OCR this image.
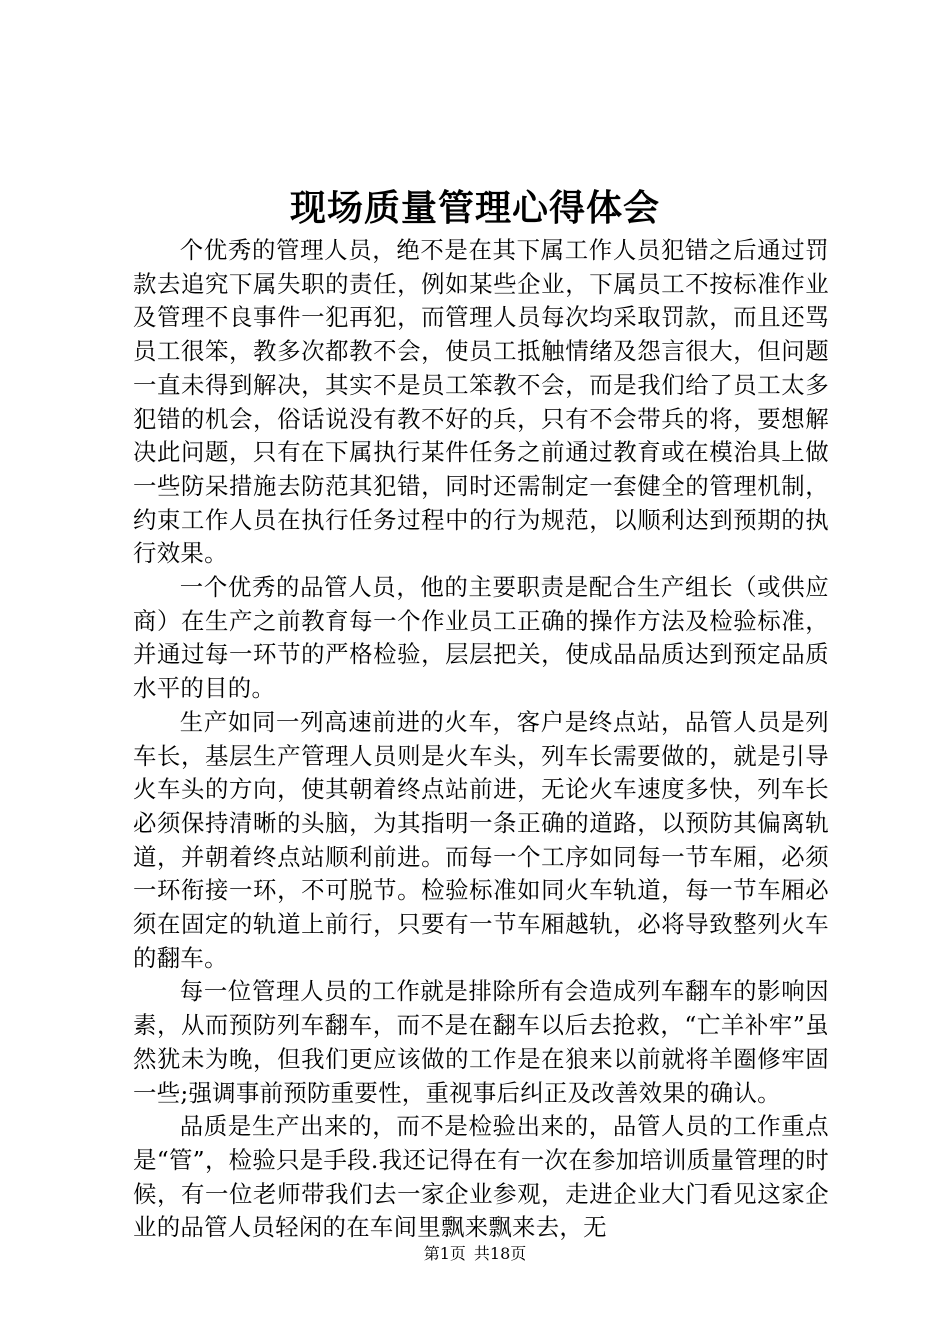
现场质量管理心得体会

个优秀的管理人员，绝不是在其下属工作人员犯错之后通过罚款去追究下属失职的责任，例如某些企业，下属员工不按标准作业及管理不良事件一犯再犯，而管理人员每次均采取罚款，而且还骂员工很笨，教多次都教不会，使员工抵触情绪及怨言很大，但问题一直未得到解决，其实不是员工笨教不会，而是我们给了员工太多犯错的机会，俗话说没有教不好的兵，只有不会带兵的将，要想解决此问题，只有在下属执行某件任务之前通过教育或在模治具上做一些防呆措施去防范其犯错，同时还需制定一套健全的管理机制，约束工作人员在执行任务过程中的行为规范，以顺利达到预期的执行效果。

一个优秀的品管人员，他的主要职责是配合生产组长（或供应商）在生产之前教育每一个作业员工正确的操作方法及检验标准，并通过每一环节的严格检验，层层把关，使成品品质达到预定品质水平的目的。

生产如同一列高速前进的火车，客户是终点站，品管人员是列车长，基层生产管理人员则是火车头，列车长需要做的，就是引导火车头的方向，使其朝着终点站前进，无论火车速度多快，列车长必须保持清晰的头脑，为其指明一条正确的道路，以预防其偏离轨道，并朝着终点站顺利前进。而每一个工序如同每一节车厢，必须一环衔接一环，不可脱节。检验标准如同火车轨道，每一节车厢必须在固定的轨道上前行，只要有一节车厢越轨，必将导致整列火车的翻车。

每一位管理人员的工作就是排除所有会造成列车翻车的影响因素，从而预防列车翻车，而不是在翻车以后去抢救，“亡羊补牢”虽然犹未为晚，但我们更应该做的工作是在狼来以前就将羊圈修牢固一些;强调事前预防重要性，重视事后纠正及改善效果的确认。

品质是生产出来的，而不是检验出来的，品管人员的工作重点是“管”，检验只是手段.我还记得在有一次在参加培训质量管理的时候，有一位老师带我们去一家企业参观，走进企业大门看见这家企业的品管人员轻闲的在车间里飘来飘来去，无

第1页 共18页
